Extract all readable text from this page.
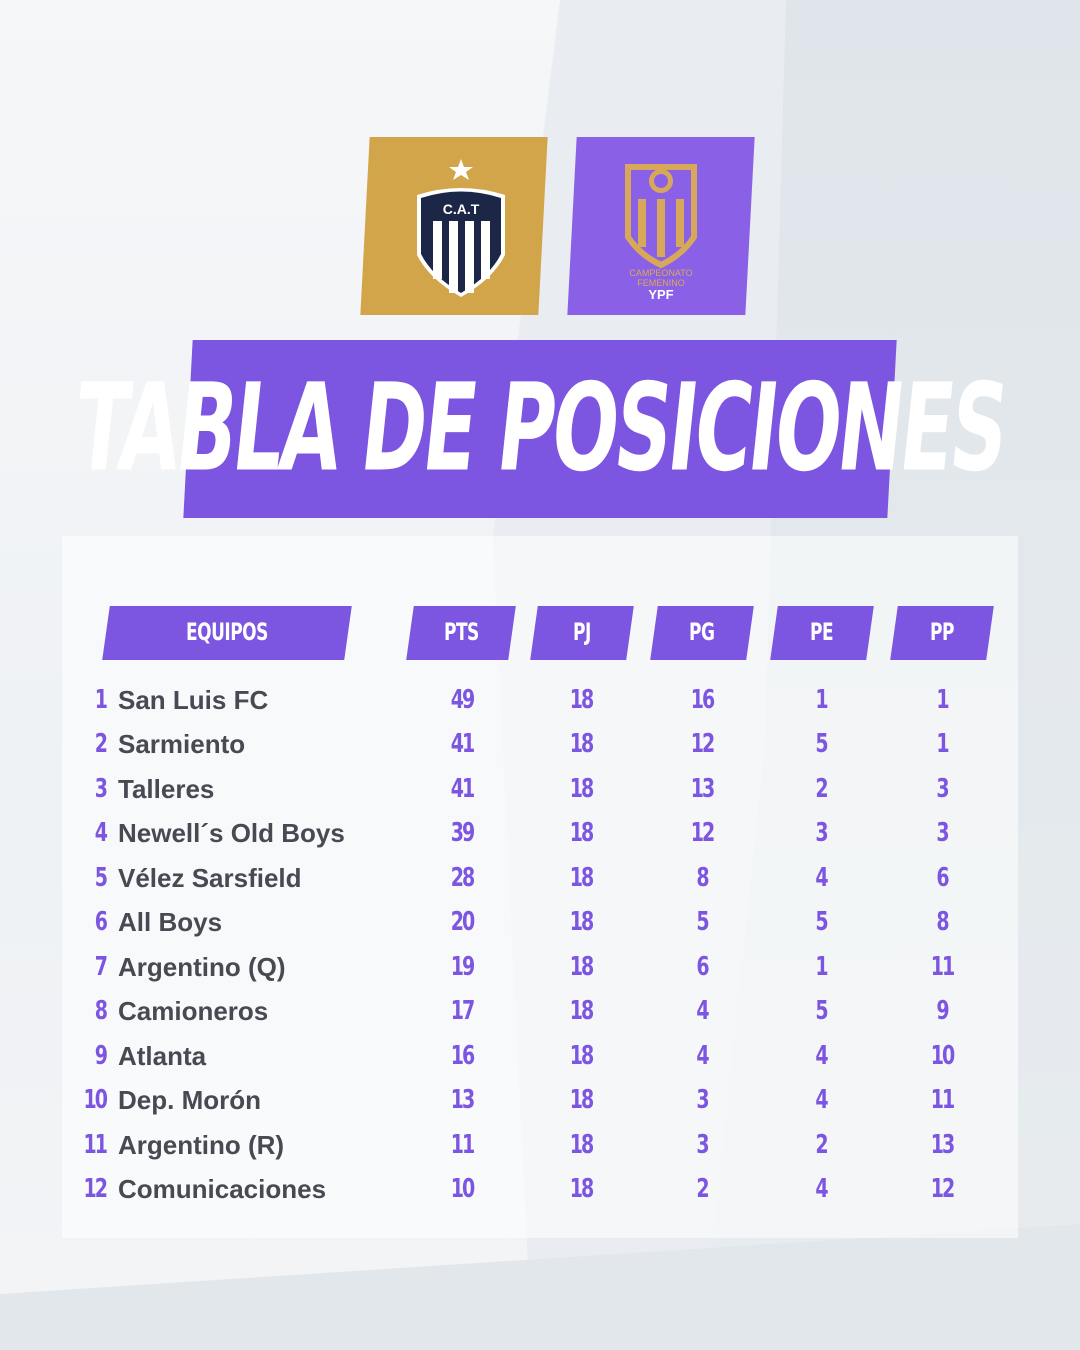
C.A.T
CAMPEONATO
FEMENINO
YPF
TABLA DE POSICIONES
EQUIPOS	PTS	PJ	PG	PE	PP
1 San Luis FC	49	18	16	1	1
2 Sarmiento	41	18	12	5	1
3 Talleres	41	18	13	2	3
4 Newell´s Old Boys	39	18	12	3	3
5 Vélez Sarsfield	28	18	8	4	6
6 All Boys	20	18	5	5	8
7 Argentino (Q)	19	18	6	1	11
8 Camioneros	17	18	4	5	9
9 Atlanta	16	18	4	4	10
10 Dep. Morón	13	18	3	4	11
11 Argentino (R)	11	18	3	2	13
12 Comunicaciones	10	18	2	4	12
